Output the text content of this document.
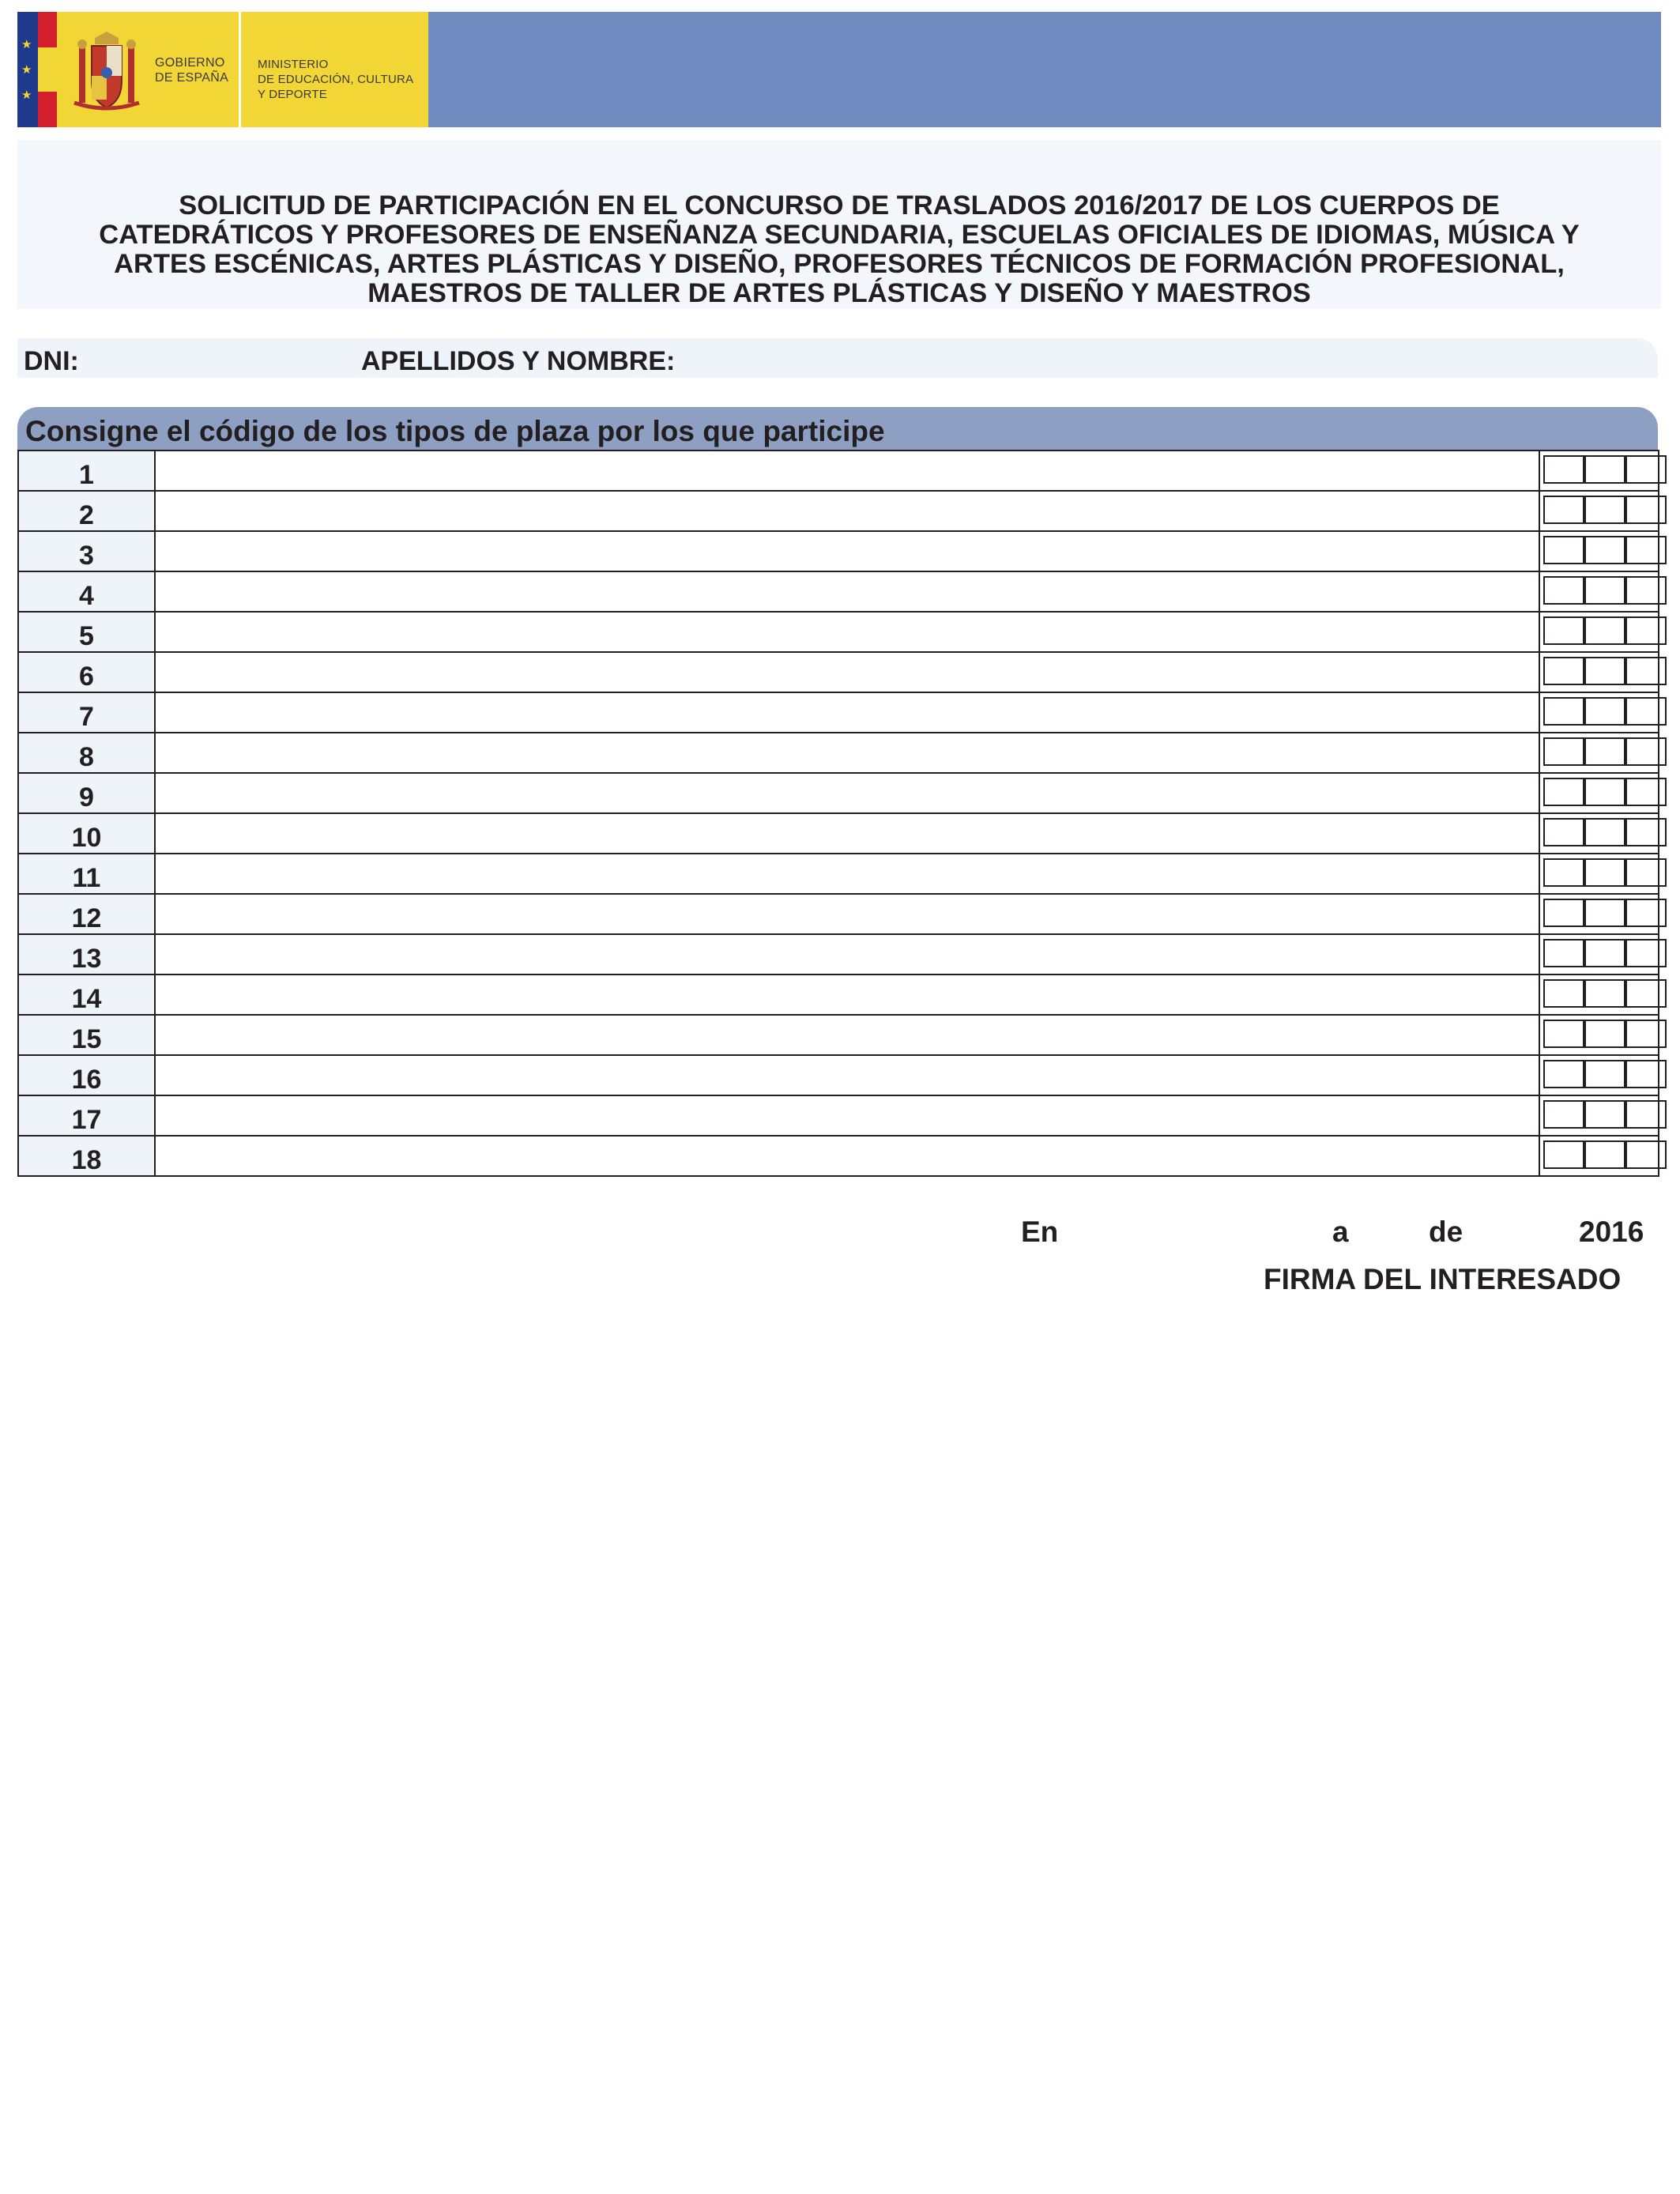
★
★
★
GOBIERNO
DE ESPAÑA
MINISTERIO
DE EDUCACIÓN, CULTURA
Y DEPORTE
SOLICITUD DE PARTICIPACIÓN EN EL CONCURSO DE TRASLADOS 2016/2017 DE LOS CUERPOS DE
CATEDRÁTICOS Y PROFESORES DE ENSEÑANZA SECUNDARIA, ESCUELAS OFICIALES DE IDIOMAS, MÚSICA Y
ARTES ESCÉNICAS, ARTES PLÁSTICAS Y DISEÑO, PROFESORES TÉCNICOS DE FORMACIÓN PROFESIONAL,
MAESTROS DE TALLER DE ARTES PLÁSTICAS Y DISEÑO Y MAESTROS
DNI:	APELLIDOS Y NOMBRE:
Consigne el código de los tipos de plaza por los que participe
1
2
3
4
5
6
7
8
9
10
11
12
13
14
15
16
17
18
En	a	de	2016
FIRMA DEL INTERESADO
